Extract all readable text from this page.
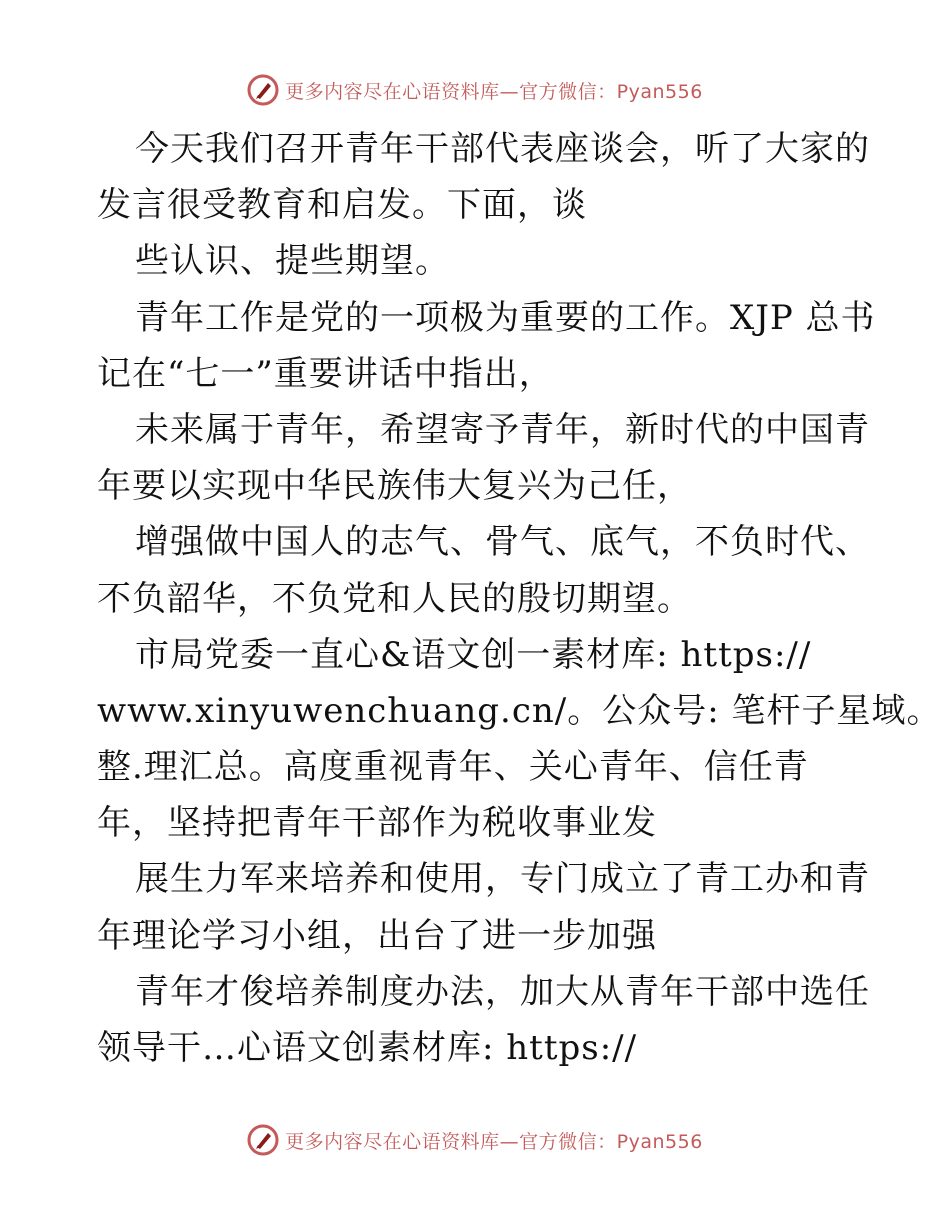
更多内容尽在心语资料库—官方微信：Pyan556
今天我们召开青年干部代表座谈会，听了大家的
发言很受教育和启发。下面，谈
些认识、提些期望。
青年工作是党的一项极为重要的工作。XJP 总书
记在“七一”重要讲话中指出，
未来属于青年，希望寄予青年，新时代的中国青
年要以实现中华民族伟大复兴为己任，
增强做中国人的志气、骨气、底气，不负时代、
不负韶华，不负党和人民的殷切期望。
市局党委一直心&语文创一素材库: https://
www.xinyuwenchuang.cn/。公众号: 笔杆子星域。
整.理汇总。高度重视青年、关心青年、信任青
年，坚持把青年干部作为税收事业发
展生力军来培养和使用，专门成立了青工办和青
年理论学习小组，出台了进一步加强
青年才俊培养制度办法，加大从青年干部中选任
领导干…心语文创素材库: https://
更多内容尽在心语资料库—官方微信：Pyan556
